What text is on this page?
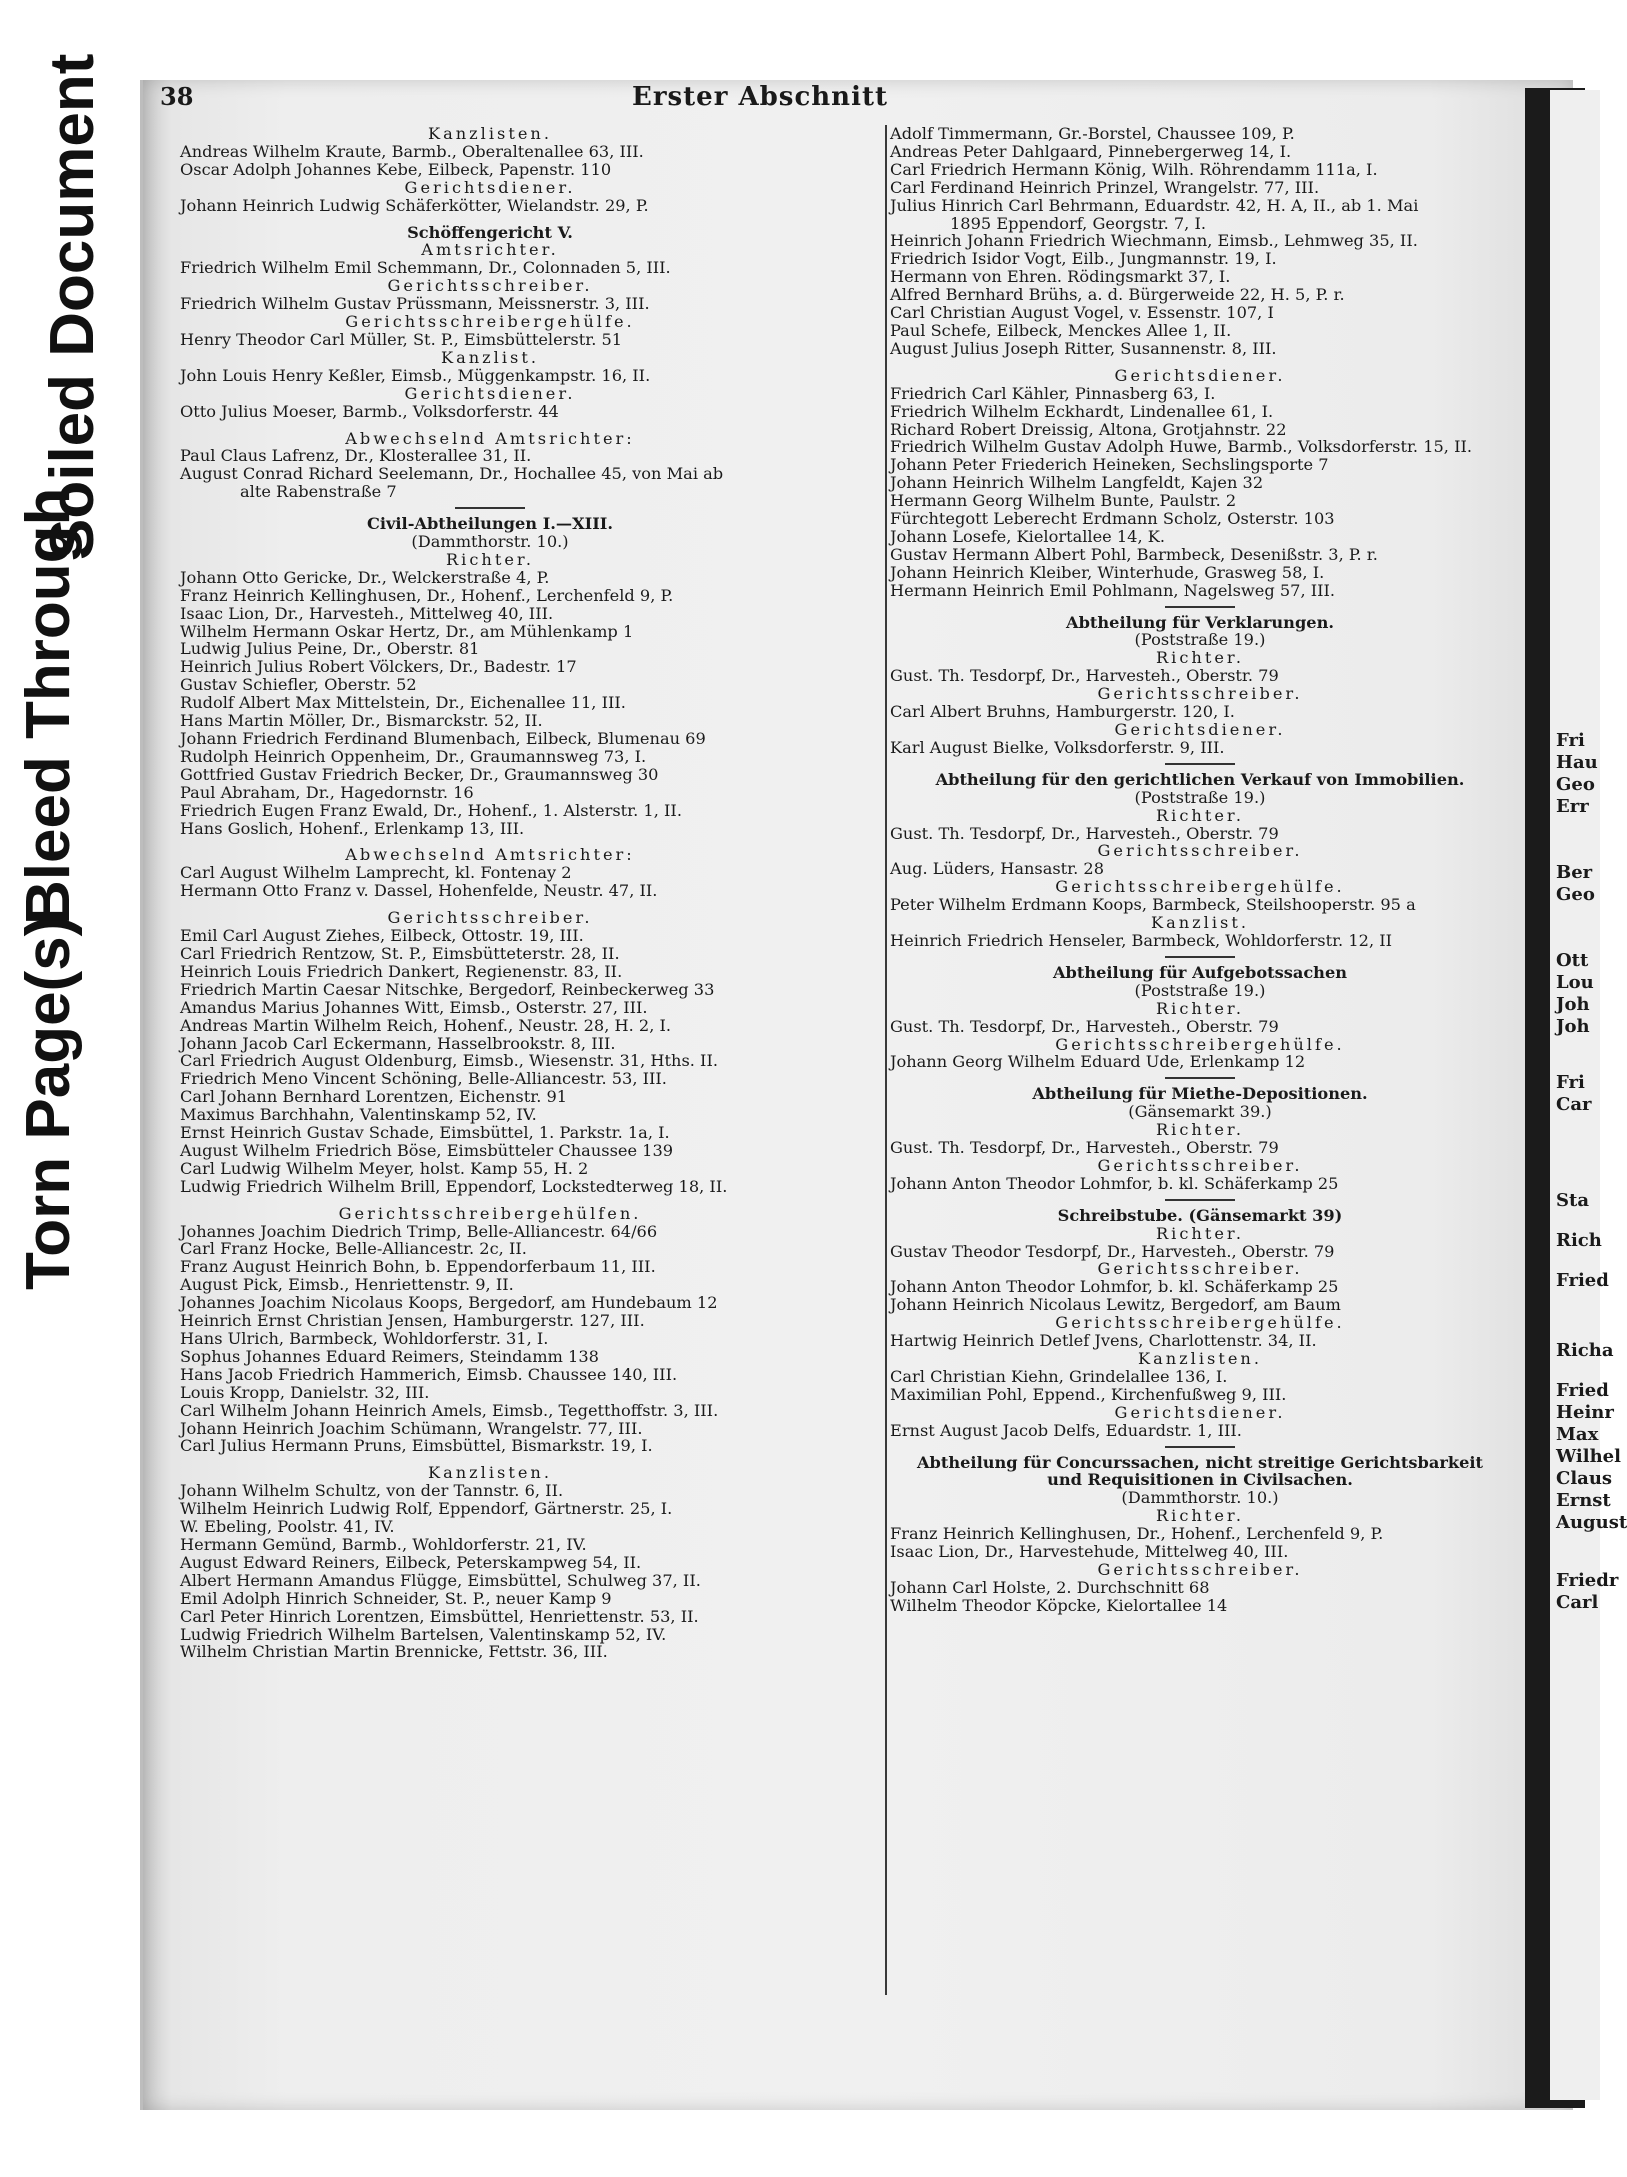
Torn Page(s)
Bleed Through
Soiled Document
Fri
Hau
Geo
Err
Ber
Geo
Ott
Lou
Joh
Joh
Fri
Car
Sta
Rich
Fried
Richa
Fried
Heinr
Max
Wilhel
Claus
Ernst
August
Friedr
Carl
38	Erster Abschnitt
Kanzlisten.
Andreas Wilhelm Kraute, Barmb., Oberaltenallee 63, III.
Oscar Adolph Johannes Kebe, Eilbeck, Papenstr. 110
Gerichtsdiener.
Johann Heinrich Ludwig Schäferkötter, Wielandstr. 29, P.
Schöffengericht V.
Amtsrichter.
Friedrich Wilhelm Emil Schemmann, Dr., Colonnaden 5, III.
Gerichtsschreiber.
Friedrich Wilhelm Gustav Prüssmann, Meissnerstr. 3, III.
Gerichtsschreibergehülfe.
Henry Theodor Carl Müller, St. P., Eimsbüttelerstr. 51
Kanzlist.
John Louis Henry Keßler, Eimsb., Müggenkampstr. 16, II.
Gerichtsdiener.
Otto Julius Moeser, Barmb., Volksdorferstr. 44
Abwechselnd Amtsrichter:
Paul Claus Lafrenz, Dr., Klosterallee 31, II.
August Conrad Richard Seelemann, Dr., Hochallee 45, von Mai ab
alte Rabenstraße 7
Civil-Abtheilungen I.—XIII.
(Dammthorstr. 10.)
Richter.
Johann Otto Gericke, Dr., Welckerstraße 4, P.
Franz Heinrich Kellinghusen, Dr., Hohenf., Lerchenfeld 9, P.
Isaac Lion, Dr., Harvesteh., Mittelweg 40, III.
Wilhelm Hermann Oskar Hertz, Dr., am Mühlenkamp 1
Ludwig Julius Peine, Dr., Oberstr. 81
Heinrich Julius Robert Völckers, Dr., Badestr. 17
Gustav Schiefler, Oberstr. 52
Rudolf Albert Max Mittelstein, Dr., Eichenallee 11, III.
Hans Martin Möller, Dr., Bismarckstr. 52, II.
Johann Friedrich Ferdinand Blumenbach, Eilbeck, Blumenau 69
Rudolph Heinrich Oppenheim, Dr., Graumannsweg 73, I.
Gottfried Gustav Friedrich Becker, Dr., Graumannsweg 30
Paul Abraham, Dr., Hagedornstr. 16
Friedrich Eugen Franz Ewald, Dr., Hohenf., 1. Alsterstr. 1, II.
Hans Goslich, Hohenf., Erlenkamp 13, III.
Abwechselnd Amtsrichter:
Carl August Wilhelm Lamprecht, kl. Fontenay 2
Hermann Otto Franz v. Dassel, Hohenfelde, Neustr. 47, II.
Gerichtsschreiber.
Emil Carl August Ziehes, Eilbeck, Ottostr. 19, III.
Carl Friedrich Rentzow, St. P., Eimsbütteterstr. 28, II.
Heinrich Louis Friedrich Dankert, Regienenstr. 83, II.
Friedrich Martin Caesar Nitschke, Bergedorf, Reinbeckerweg 33
Amandus Marius Johannes Witt, Eimsb., Osterstr. 27, III.
Andreas Martin Wilhelm Reich, Hohenf., Neustr. 28, H. 2, I.
Johann Jacob Carl Eckermann, Hasselbrookstr. 8, III.
Carl Friedrich August Oldenburg, Eimsb., Wiesenstr. 31, Hths. II.
Friedrich Meno Vincent Schöning, Belle-Alliancestr. 53, III.
Carl Johann Bernhard Lorentzen, Eichenstr. 91
Maximus Barchhahn, Valentinskamp 52, IV.
Ernst Heinrich Gustav Schade, Eimsbüttel, 1. Parkstr. 1a, I.
August Wilhelm Friedrich Böse, Eimsbütteler Chaussee 139
Carl Ludwig Wilhelm Meyer, holst. Kamp 55, H. 2
Ludwig Friedrich Wilhelm Brill, Eppendorf, Lockstedterweg 18, II.
Gerichtsschreibergehülfen.
Johannes Joachim Diedrich Trimp, Belle-Alliancestr. 64/66
Carl Franz Hocke, Belle-Alliancestr. 2c, II.
Franz August Heinrich Bohn, b. Eppendorferbaum 11, III.
August Pick, Eimsb., Henriettenstr. 9, II.
Johannes Joachim Nicolaus Koops, Bergedorf, am Hundebaum 12
Heinrich Ernst Christian Jensen, Hamburgerstr. 127, III.
Hans Ulrich, Barmbeck, Wohldorferstr. 31, I.
Sophus Johannes Eduard Reimers, Steindamm 138
Hans Jacob Friedrich Hammerich, Eimsb. Chaussee 140, III.
Louis Kropp, Danielstr. 32, III.
Carl Wilhelm Johann Heinrich Amels, Eimsb., Tegetthoffstr. 3, III.
Johann Heinrich Joachim Schümann, Wrangelstr. 77, III.
Carl Julius Hermann Pruns, Eimsbüttel, Bismarkstr. 19, I.
Kanzlisten.
Johann Wilhelm Schultz, von der Tannstr. 6, II.
Wilhelm Heinrich Ludwig Rolf, Eppendorf, Gärtnerstr. 25, I.
W. Ebeling, Poolstr. 41, IV.
Hermann Gemünd, Barmb., Wohldorferstr. 21, IV.
August Edward Reiners, Eilbeck, Peterskampweg 54, II.
Albert Hermann Amandus Flügge, Eimsbüttel, Schulweg 37, II.
Emil Adolph Hinrich Schneider, St. P., neuer Kamp 9
Carl Peter Hinrich Lorentzen, Eimsbüttel, Henriettenstr. 53, II.
Ludwig Friedrich Wilhelm Bartelsen, Valentinskamp 52, IV.
Wilhelm Christian Martin Brennicke, Fettstr. 36, III.
Adolf Timmermann, Gr.-Borstel, Chaussee 109, P.
Andreas Peter Dahlgaard, Pinnebergerweg 14, I.
Carl Friedrich Hermann König, Wilh. Röhrendamm 111a, I.
Carl Ferdinand Heinrich Prinzel, Wrangelstr. 77, III.
Julius Hinrich Carl Behrmann, Eduardstr. 42, H. A, II., ab 1. Mai
1895 Eppendorf, Georgstr. 7, I.
Heinrich Johann Friedrich Wiechmann, Eimsb., Lehmweg 35, II.
Friedrich Isidor Vogt, Eilb., Jungmannstr. 19, I.
Hermann von Ehren. Rödingsmarkt 37, I.
Alfred Bernhard Brühs, a. d. Bürgerweide 22, H. 5, P. r.
Carl Christian August Vogel, v. Essenstr. 107, I
Paul Schefe, Eilbeck, Menckes Allee 1, II.
August Julius Joseph Ritter, Susannenstr. 8, III.
Gerichtsdiener.
Friedrich Carl Kähler, Pinnasberg 63, I.
Friedrich Wilhelm Eckhardt, Lindenallee 61, I.
Richard Robert Dreissig, Altona, Grotjahnstr. 22
Friedrich Wilhelm Gustav Adolph Huwe, Barmb., Volksdorferstr. 15, II.
Johann Peter Friederich Heineken, Sechslingsporte 7
Johann Heinrich Wilhelm Langfeldt, Kajen 32
Hermann Georg Wilhelm Bunte, Paulstr. 2
Fürchtegott Leberecht Erdmann Scholz, Osterstr. 103
Johann Losefe, Kielortallee 14, K.
Gustav Hermann Albert Pohl, Barmbeck, Desenißstr. 3, P. r.
Johann Heinrich Kleiber, Winterhude, Grasweg 58, I.
Hermann Heinrich Emil Pohlmann, Nagelsweg 57, III.
Abtheilung für Verklarungen.
(Poststraße 19.)
Richter.
Gust. Th. Tesdorpf, Dr., Harvesteh., Oberstr. 79
Gerichtsschreiber.
Carl Albert Bruhns, Hamburgerstr. 120, I.
Gerichtsdiener.
Karl August Bielke, Volksdorferstr. 9, III.
Abtheilung für den gerichtlichen Verkauf von Immobilien.
(Poststraße 19.)
Richter.
Gust. Th. Tesdorpf, Dr., Harvesteh., Oberstr. 79
Gerichtsschreiber.
Aug. Lüders, Hansastr. 28
Gerichtsschreibergehülfe.
Peter Wilhelm Erdmann Koops, Barmbeck, Steilshooperstr. 95 a
Kanzlist.
Heinrich Friedrich Henseler, Barmbeck, Wohldorferstr. 12, II
Abtheilung für Aufgebotssachen
(Poststraße 19.)
Richter.
Gust. Th. Tesdorpf, Dr., Harvesteh., Oberstr. 79
Gerichtsschreibergehülfe.
Johann Georg Wilhelm Eduard Ude, Erlenkamp 12
Abtheilung für Miethe-Depositionen.
(Gänsemarkt 39.)
Richter.
Gust. Th. Tesdorpf, Dr., Harvesteh., Oberstr. 79
Gerichtsschreiber.
Johann Anton Theodor Lohmfor, b. kl. Schäferkamp 25
Schreibstube. (Gänsemarkt 39)
Richter.
Gustav Theodor Tesdorpf, Dr., Harvesteh., Oberstr. 79
Gerichtsschreiber.
Johann Anton Theodor Lohmfor, b. kl. Schäferkamp 25
Johann Heinrich Nicolaus Lewitz, Bergedorf, am Baum
Gerichtsschreibergehülfe.
Hartwig Heinrich Detlef Jvens, Charlottenstr. 34, II.
Kanzlisten.
Carl Christian Kiehn, Grindelallee 136, I.
Maximilian Pohl, Eppend., Kirchenfußweg 9, III.
Gerichtsdiener.
Ernst August Jacob Delfs, Eduardstr. 1, III.
Abtheilung für Concurssachen, nicht streitige Gerichtsbarkeit
und Requisitionen in Civilsachen.
(Dammthorstr. 10.)
Richter.
Franz Heinrich Kellinghusen, Dr., Hohenf., Lerchenfeld 9, P.
Isaac Lion, Dr., Harvestehude, Mittelweg 40, III.
Gerichtsschreiber.
Johann Carl Holste, 2. Durchschnitt 68
Wilhelm Theodor Köpcke, Kielortallee 14
